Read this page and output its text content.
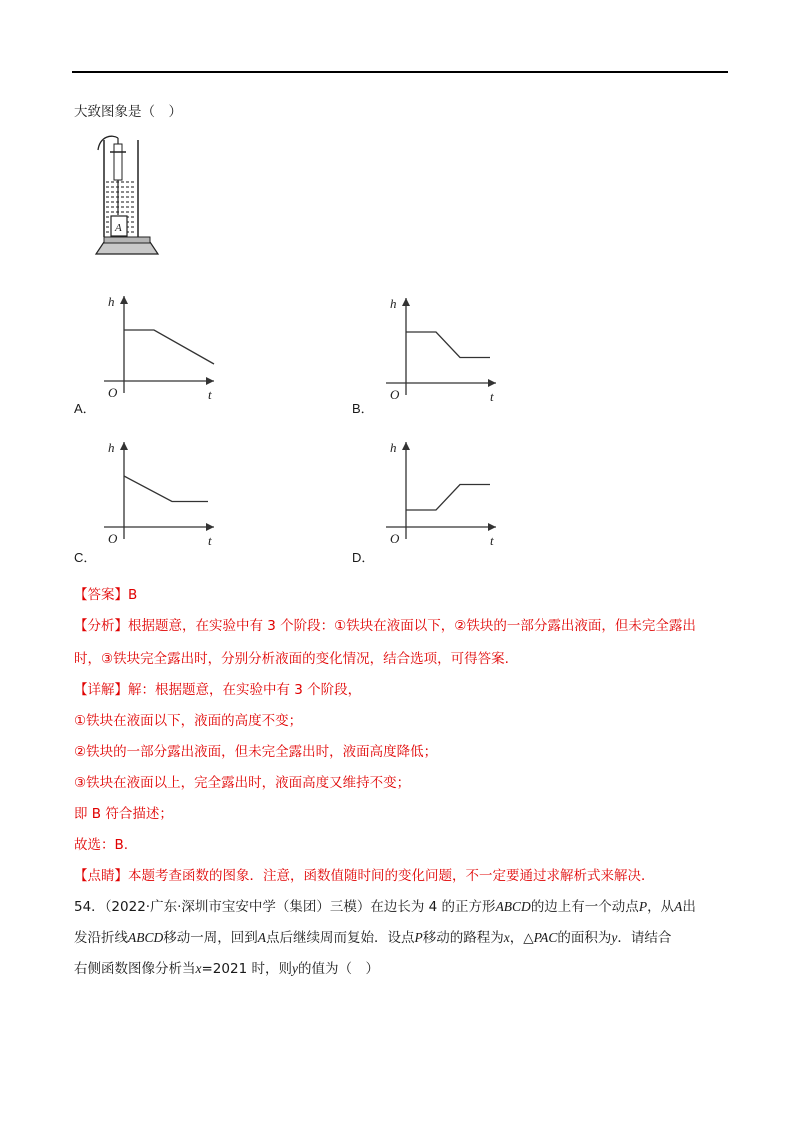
大致图象是（　）
A
h
t
O
h
t
O
h
t
O
h
t
O
A．	B．
C．	D．
【答案】B
【分析】根据题意，在实验中有 3 个阶段：①铁块在液面以下，②铁块的一部分露出液面，但未完全露出
时，③铁块完全露出时，分别分析液面的变化情况，结合选项，可得答案.
【详解】解：根据题意，在实验中有 3 个阶段，
①铁块在液面以下，液面的高度不变；
②铁块的一部分露出液面，但未完全露出时，液面高度降低；
③铁块在液面以上，完全露出时，液面高度又维持不变；
即 B 符合描述；
故选：B.
【点睛】本题考查函数的图象．注意，函数值随时间的变化问题，不一定要通过求解析式来解决．
54．（2022·广东·深圳市宝安中学（集团）三模）在边长为 4 的正方形ABCD的边上有一个动点P，从A出
发沿折线ABCD移动一周，回到A点后继续周而复始．设点P移动的路程为x，△PAC的面积为y．请结合
右侧函数图像分析当x=2021 时，则y的值为（　）
